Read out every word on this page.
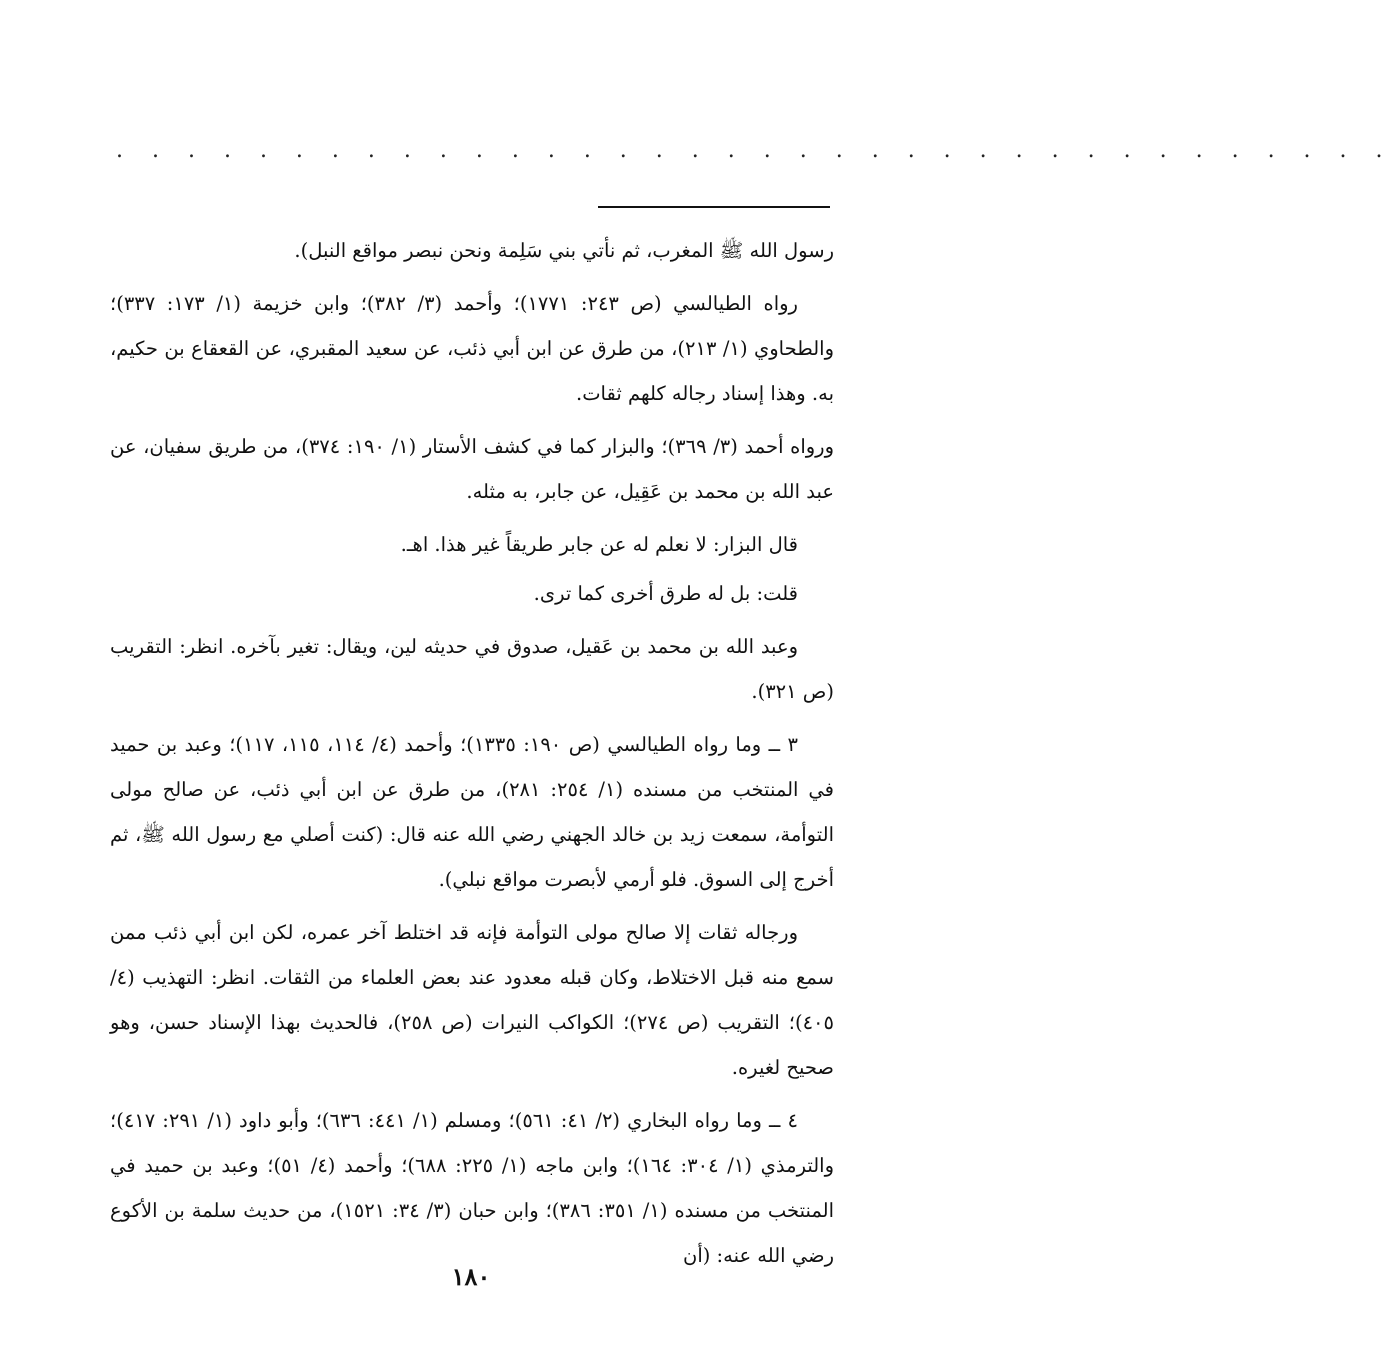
. . . . . . . . . . . . . . . . . . . . . . . . . . . . . . . . . . . .

رسول الله ﷺ المغرب، ثم نأتي بني سَلِمة ونحن نبصر مواقع النبل).

رواه الطيالسي (ص ٢٤٣: ١٧٧١)؛ وأحمد (٣/ ٣٨٢)؛ وابن خزيمة (١/ ١٧٣: ٣٣٧)؛ والطحاوي (١/ ٢١٣)، من طرق عن ابن أبي ذئب، عن سعيد المقبري، عن القعقاع بن حكيم، به. وهذا إسناد رجاله كلهم ثقات.

ورواه أحمد (٣/ ٣٦٩)؛ والبزار كما في كشف الأستار (١/ ١٩٠: ٣٧٤)، من طريق سفيان، عن عبد الله بن محمد بن عَقِيل، عن جابر، به مثله.

قال البزار: لا نعلم له عن جابر طريقاً غير هذا. اهـ.

قلت: بل له طرق أخرى كما ترى.

وعبد الله بن محمد بن عَقيل، صدوق في حديثه لين، ويقال: تغير بآخره. انظر: التقريب (ص ٣٢١).

٣ ــ وما رواه الطيالسي (ص ١٩٠: ١٣٣٥)؛ وأحمد (٤/ ١١٤، ١١٥، ١١٧)؛ وعبد بن حميد في المنتخب من مسنده (١/ ٢٥٤: ٢٨١)، من طرق عن ابن أبي ذئب، عن صالح مولى التوأمة، سمعت زيد بن خالد الجهني رضي الله عنه قال: (كنت أصلي مع رسول الله ﷺ، ثم أخرج إلى السوق. فلو أرمي لأبصرت مواقع نبلي).

ورجاله ثقات إلا صالح مولى التوأمة فإنه قد اختلط آخر عمره، لكن ابن أبي ذئب ممن سمع منه قبل الاختلاط، وكان قبله معدود عند بعض العلماء من الثقات. انظر: التهذيب (٤/ ٤٠٥)؛ التقريب (ص ٢٧٤)؛ الكواكب النيرات (ص ٢٥٨)، فالحديث بهذا الإسناد حسن، وهو صحيح لغيره.

٤ ــ وما رواه البخاري (٢/ ٤١: ٥٦١)؛ ومسلم (١/ ٤٤١: ٦٣٦)؛ وأبو داود (١/ ٢٩١: ٤١٧)؛ والترمذي (١/ ٣٠٤: ١٦٤)؛ وابن ماجه (١/ ٢٢٥: ٦٨٨)؛ وأحمد (٤/ ٥١)؛ وعبد بن حميد في المنتخب من مسنده (١/ ٣٥١: ٣٨٦)؛ وابن حبان (٣/ ٣٤: ١٥٢١)، من حديث سلمة بن الأكوع رضي الله عنه: (أن

١٨٠
